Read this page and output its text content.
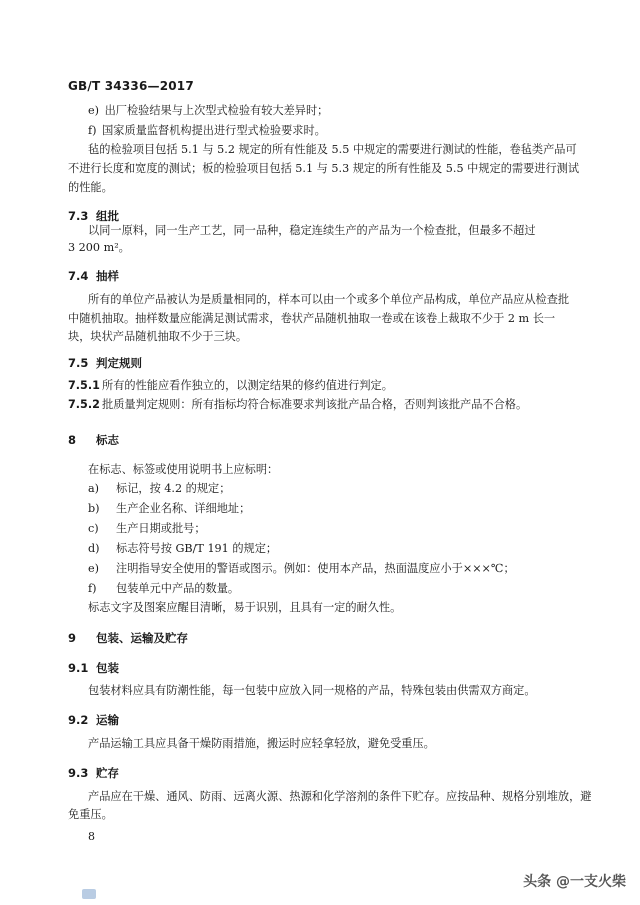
GB/T 34336—2017
e) 出厂检验结果与上次型式检验有较大差异时；
f) 国家质量监督机构提出进行型式检验要求时。
毡的检验项目包括 5.1 与 5.2 规定的所有性能及 5.5 中规定的需要进行测试的性能，卷毡类产品可
不进行长度和宽度的测试；板的检验项目包括 5.1 与 5.3 规定的所有性能及 5.5 中规定的需要进行测试
的性能。
7.3 组批
以同一原料，同一生产工艺，同一品种，稳定连续生产的产品为一个检查批，但最多不超过
3 200 m²。
7.4 抽样
所有的单位产品被认为是质量相同的，样本可以由一个或多个单位产品构成，单位产品应从检查批
中随机抽取。抽样数量应能满足测试需求，卷状产品随机抽取一卷或在该卷上裁取不少于 2 m 长一
块，块状产品随机抽取不少于三块。
7.5 判定规则
7.5.1 所有的性能应看作独立的，以测定结果的修约值进行判定。
7.5.2 批质量判定规则：所有指标均符合标准要求判该批产品合格，否则判该批产品不合格。
8 标志
在标志、标签或使用说明书上应标明：
a) 标记，按 4.2 的规定；
b) 生产企业名称、详细地址；
c) 生产日期或批号；
d) 标志符号按 GB/T 191 的规定；
e) 注明指导安全使用的警语或图示。例如：使用本产品，热面温度应小于×××℃；
f) 包装单元中产品的数量。
标志文字及图案应醒目清晰，易于识别，且具有一定的耐久性。
9 包装、运输及贮存
9.1 包装
包装材料应具有防潮性能，每一包装中应放入同一规格的产品，特殊包装由供需双方商定。
9.2 运输
产品运输工具应具备干燥防雨措施，搬运时应轻拿轻放，避免受重压。
9.3 贮存
产品应在干燥、通风、防雨、远离火源、热源和化学溶剂的条件下贮存。应按品种、规格分别堆放，避
免重压。
8
头条 @一支火柴
